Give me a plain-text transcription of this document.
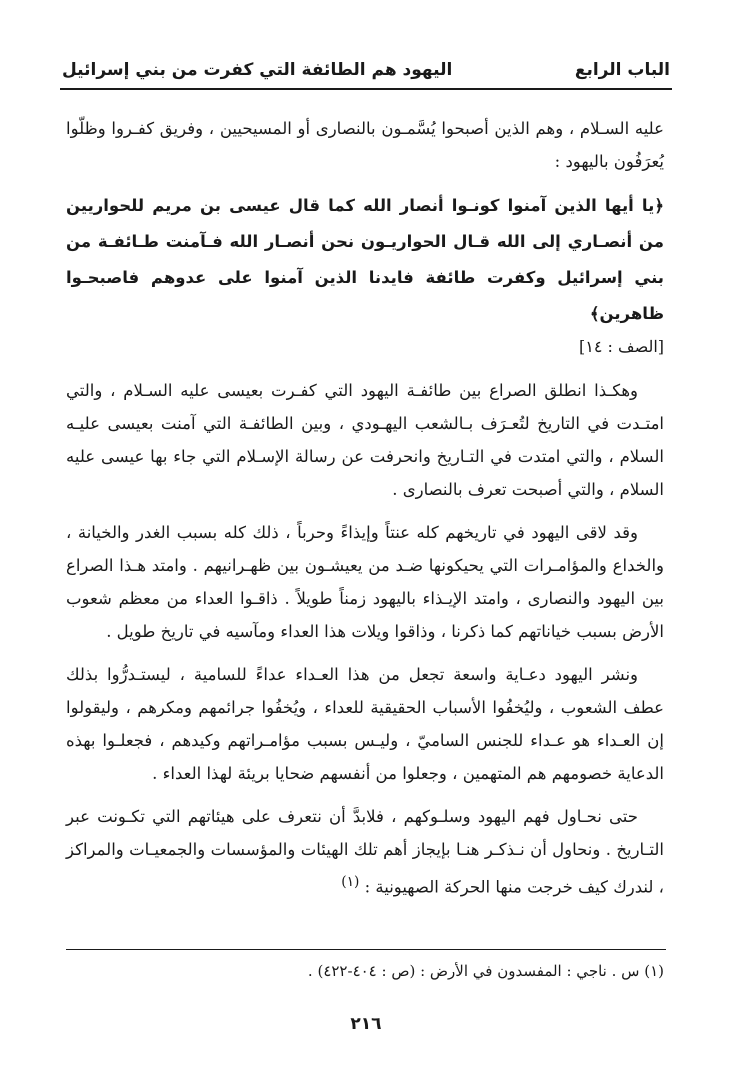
الباب الرابع
اليهود هم الطائفة التي كفرت من بني إسرائيل

عليه السـلام ، وهم الذين أصبحوا يُسَّمـون بالنصارى أو المسيحيين ، وفريق كفـروا وظلّوا يُعرَفُون باليهود :

﴿يا أيها الذين آمنوا كونـوا أنصار الله كما قال عيسى بن مريم للحواريين من أنصـاري إلى الله قـال الحواريـون نحن أنصـار الله فـآمنت طـائفـة من بني إسرائيل وكفرت طائفة فايدنا الذين آمنوا على عدوهم فاصبحـوا ظاهرين﴾

[الصف : ١٤]

وهكـذا انطلق الصراع بين طائفـة اليهود التي كفـرت بعيسى عليه السـلام ، والتي امتـدت في التاريخ لتُعـرَف بـالشعب اليهـودي ، وبين الطائفـة التي آمنت بعيسى عليـه السلام ، والتي امتدت في التـاريخ وانحرفت عن رسالة الإسـلام التي جاء بها عيسى عليه السلام ، والتي أصبحت تعرف بالنصارى .

وقد لاقى اليهود في تاريخهم كله عنتاً وإيذاءً وحرباً ، ذلك كله بسبب الغدر والخيانة ، والخداع والمؤامـرات التي يحيكونها ضـد من يعيشـون بين ظهـرانيهم . وامتد هـذا الصراع بين اليهود والنصارى ، وامتد الإيـذاء باليهود زمناً طويلاً . ذاقـوا العداء من معظم شعوب الأرض بسبب خياناتهم كما ذكرنا ، وذاقوا ويلات هذا العداء ومآسيه في تاريخ طويل .

ونشر اليهود دعـاية واسعة تجعل من هذا العـداء عداءً للسامية ، ليستـدرُّوا بذلك عطف الشعوب ، وليُخفُوا الأسباب الحقيقية للعداء ، ويُخفُوا جرائمهم ومكرهم ، وليقولوا إن العـداء هو عـداء للجنس الساميّ ، وليـس بسبب مؤامـراتهم وكيدهم ، فجعلـوا بهذه الدعاية خصومهم هم المتهمين ، وجعلوا من أنفسهم ضحايا بريئة لهذا العداء .

حتى نحـاول فهم اليهود وسلـوكهم ، فلابدَّ أن نتعرف على هيئاتهم التي تكـونت عبر التـاريخ . ونحاول أن نـذكـر هنـا بإيجاز أهم تلك الهيئات والمؤسسات والجمعيـات والمراكز ، لندرك كيف خرجت منها الحركة الصهيونية : $^{(١)}$

(١) س . ناجي : المفسدون في الأرض : (ص : ٤٠٤-٤٢٢) .
٢١٦
